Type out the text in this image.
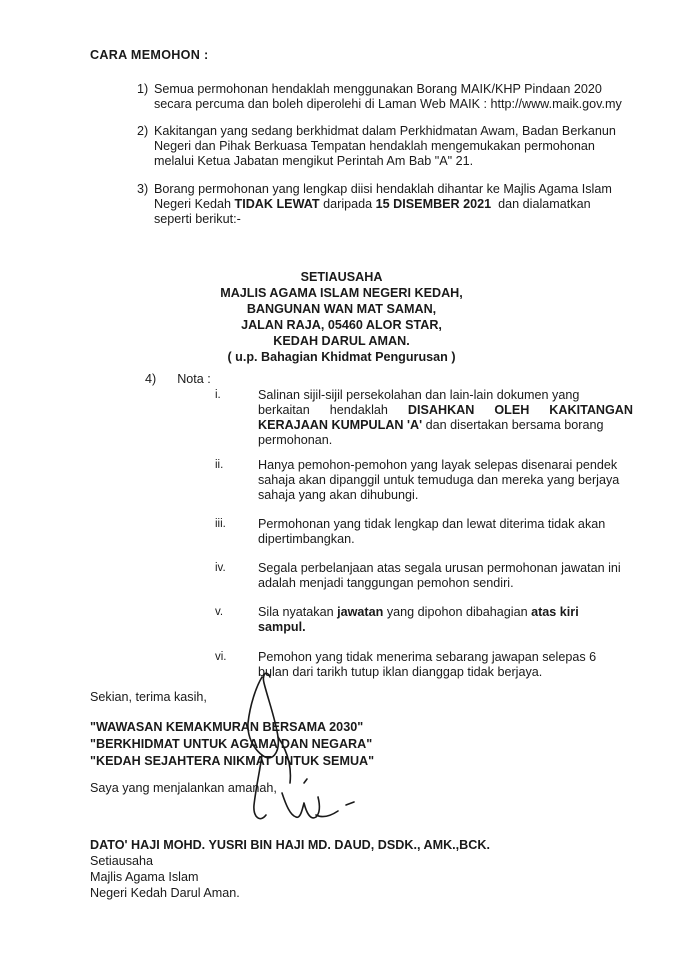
CARA MEMOHON :
1) Semua permohonan hendaklah menggunakan Borang MAIK/KHP Pindaan 2020
secara percuma dan boleh diperolehi di Laman Web MAIK : http://www.maik.gov.my
2) Kakitangan yang sedang berkhidmat dalam Perkhidmatan Awam, Badan Berkanun
Negeri dan Pihak Berkuasa Tempatan hendaklah mengemukakan permohonan
melalui Ketua Jabatan mengikut Perintah Am Bab "A" 21.
3) Borang permohonan yang lengkap diisi hendaklah dihantar ke Majlis Agama Islam
Negeri Kedah TIDAK LEWAT daripada 15 DISEMBER 2021 dan dialamatkan
seperti berikut:-
SETIAUSAHA
MAJLIS AGAMA ISLAM NEGERI KEDAH,
BANGUNAN WAN MAT SAMAN,
JALAN RAJA, 05460 ALOR STAR,
KEDAH DARUL AMAN.
( u.p. Bahagian Khidmat Pengurusan )
4) Nota :
i.	Salinan sijil-sijil persekolahan dan lain-lain dokumen yang
berkaitan hendaklah DISAHKAN OLEH KAKITANGAN
KERAJAAN KUMPULAN 'A' dan disertakan bersama borang
permohonan.
ii.	Hanya pemohon-pemohon yang layak selepas disenarai pendek
sahaja akan dipanggil untuk temuduga dan mereka yang berjaya
sahaja yang akan dihubungi.
iii.	Permohonan yang tidak lengkap dan lewat diterima tidak akan
dipertimbangkan.
iv.	Segala perbelanjaan atas segala urusan permohonan jawatan ini
adalah menjadi tanggungan pemohon sendiri.
v.	Sila nyatakan jawatan yang dipohon dibahagian atas kiri
sampul.
vi.	Pemohon yang tidak menerima sebarang jawapan selepas 6
bulan dari tarikh tutup iklan dianggap tidak berjaya.
Sekian, terima kasih,
"WAWASAN KEMAKMURAN BERSAMA 2030"
"BERKHIDMAT UNTUK AGAMA DAN NEGARA"
"KEDAH SEJAHTERA NIKMAT UNTUK SEMUA"
Saya yang menjalankan amanah,
DATO' HAJI MOHD. YUSRI BIN HAJI MD. DAUD, DSDK., AMK.,BCK.
Setiausaha
Majlis Agama Islam
Negeri Kedah Darul Aman.
